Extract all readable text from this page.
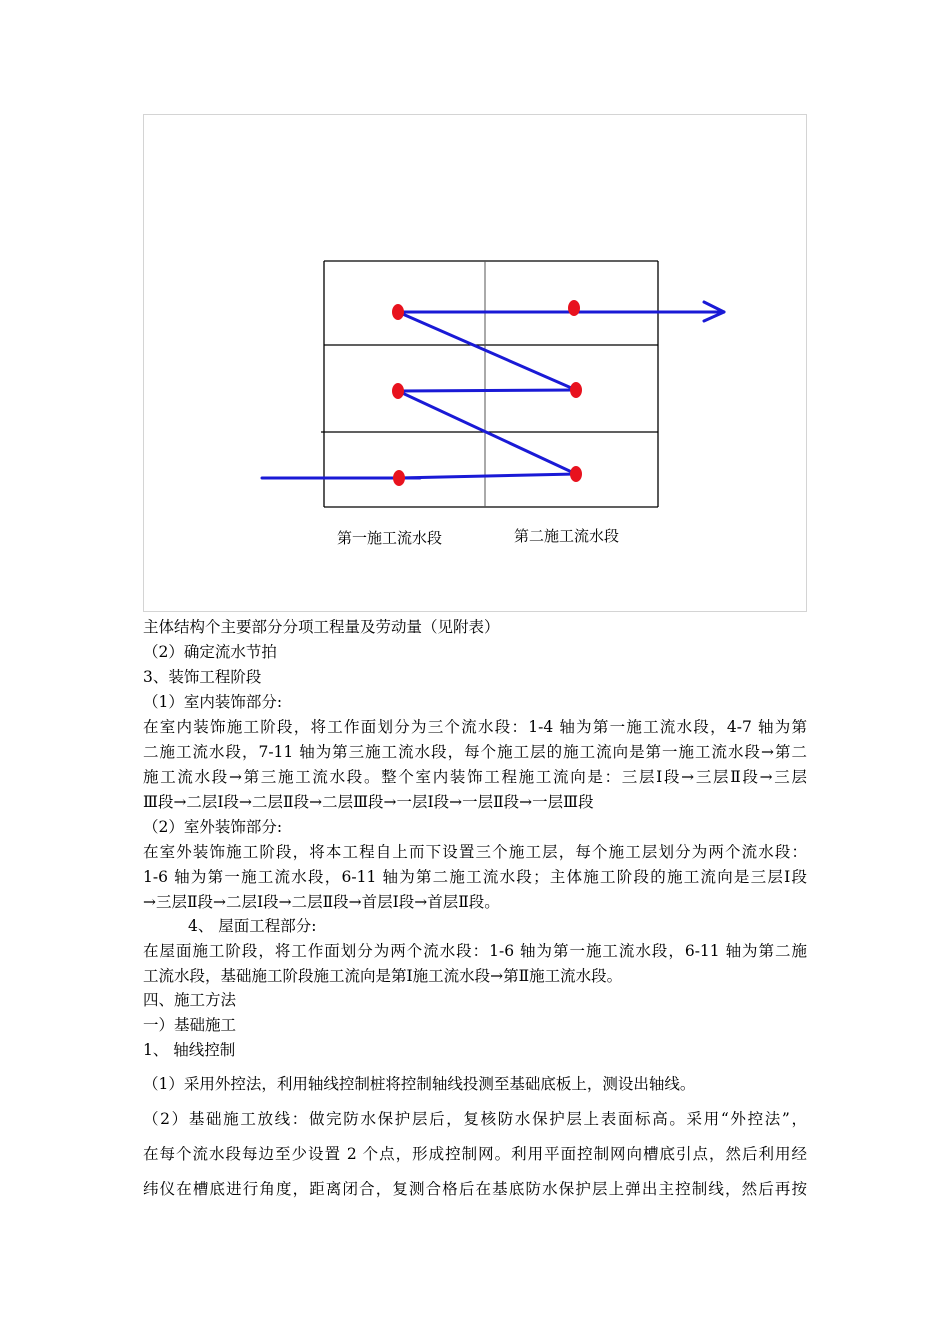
第一施工流水段	第二施工流水段
主体结构个主要部分分项工程量及劳动量（见附表）
（2）确定流水节拍
3、装饰工程阶段
（1）室内装饰部分:
在室内装饰施工阶段，将工作面划分为三个流水段：1-4 轴为第一施工流水段，4-7 轴为第
二施工流水段，7-11 轴为第三施工流水段，每个施工层的施工流向是第一施工流水段→第二
施工流水段→第三施工流水段。整个室内装饰工程施工流向是：三层Ⅰ段→三层Ⅱ段→三层
Ⅲ段→二层Ⅰ段→二层Ⅱ段→二层Ⅲ段→一层Ⅰ段→一层Ⅱ段→一层Ⅲ段
（2）室外装饰部分:
在室外装饰施工阶段，将本工程自上而下设置三个施工层，每个施工层划分为两个流水段：
1-6 轴为第一施工流水段，6-11 轴为第二施工流水段；主体施工阶段的施工流向是三层Ⅰ段
→三层Ⅱ段→二层Ⅰ段→二层Ⅱ段→首层Ⅰ段→首层Ⅱ段。
4、 屋面工程部分:
在屋面施工阶段，将工作面划分为两个流水段：1-6 轴为第一施工流水段，6-11 轴为第二施
工流水段，基础施工阶段施工流向是第Ⅰ施工流水段→第Ⅱ施工流水段。
四、施工方法
一）基础施工
1、 轴线控制
（1）采用外控法，利用轴线控制桩将控制轴线投测至基础底板上，测设出轴线。
（2）基础施工放线：做完防水保护层后，复核防水保护层上表面标高。采用“外控法”，
在每个流水段每边至少设置 2 个点，形成控制网。利用平面控制网向槽底引点，然后利用经
纬仪在槽底进行角度，距离闭合，复测合格后在基底防水保护层上弹出主控制线，然后再按
